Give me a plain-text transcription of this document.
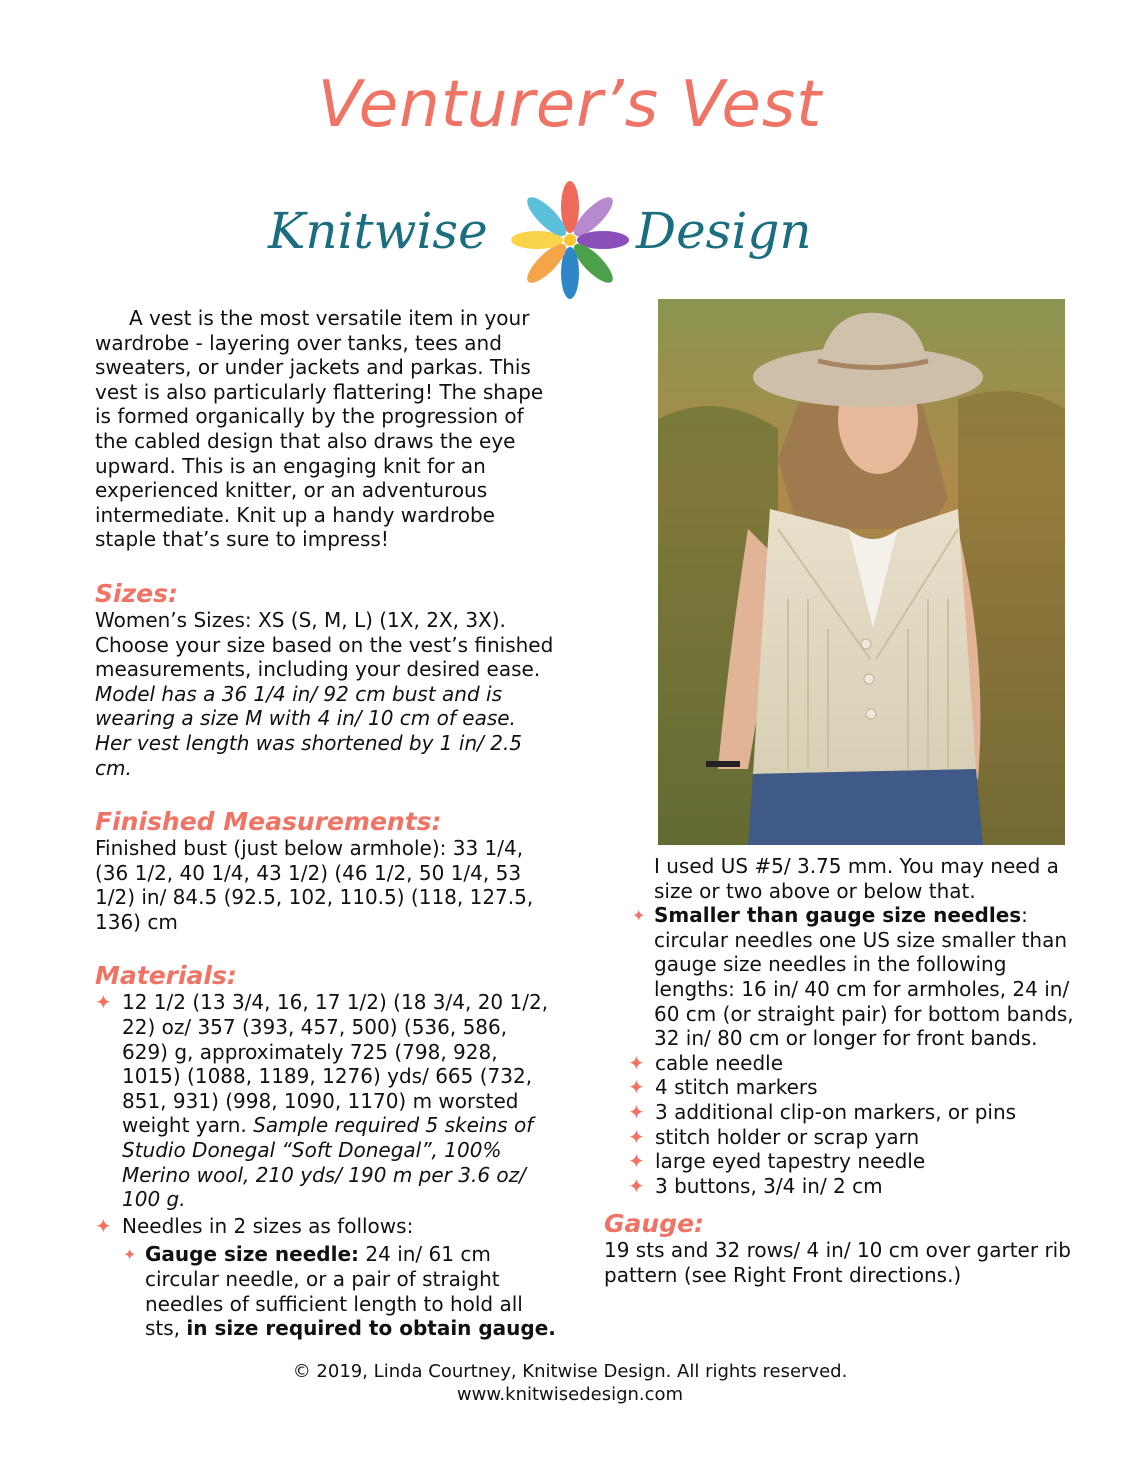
Venturer’s Vest
Knitwise	Design

A vest is the most versatile item in your wardrobe - layering over tanks, tees and sweaters, or under jackets and parkas. This vest is also particularly flattering! The shape is formed organically by the progression of the cabled design that also draws the eye upward. This is an engaging knit for an experienced knitter, or an adventurous intermediate. Knit up a handy wardrobe staple that’s sure to impress!

Sizes:

Women’s Sizes: XS (S, M, L) (1X, 2X, 3X). Choose your size based on the vest’s finished measurements, including your desired ease. Model has a 36 1/4 in/ 92 cm bust and is wearing a size M with 4 in/ 10 cm of ease. Her vest length was shortened by 1 in/ 2.5 cm.

Finished Measurements:

Finished bust (just below armhole): 33 1/4, (36 1/2, 40 1/4, 43 1/2) (46 1/2, 50 1/4, 53 1/2) in/ 84.5 (92.5, 102, 110.5) (118, 127.5, 136) cm

Materials:

✦ 12 1/2 (13 3/4, 16, 17 1/2) (18 3/4, 20 1/2, 22) oz/ 357 (393, 457, 500) (536, 586, 629) g, approximately 725 (798, 928, 1015) (1088, 1189, 1276) yds/ 665 (732, 851, 931) (998, 1090, 1170) m worsted weight yarn. Sample required 5 skeins of Studio Donegal “Soft Donegal”, 100% Merino wool, 210 yds/ 190 m per 3.6 oz/ 100 g.
✦ Needles in 2 sizes as follows:
✦ Gauge size needle: 24 in/ 61 cm circular needle, or a pair of straight needles of sufficient length to hold all sts, in size required to obtain gauge.

I used US #5/ 3.75 mm. You may need a size or two above or below that.

✦ Smaller than gauge size needles: circular needles one US size smaller than gauge size needles in the following lengths: 16 in/ 40 cm for armholes, 24 in/ 60 cm (or straight pair) for bottom bands, 32 in/ 80 cm or longer for front bands.
✦ cable needle
✦ 4 stitch markers
✦ 3 additional clip-on markers, or pins
✦ stitch holder or scrap yarn
✦ large eyed tapestry needle
✦ 3 buttons, 3/4 in/ 2 cm

Gauge:

19 sts and 32 rows/ 4 in/ 10 cm over garter rib pattern (see Right Front directions.)

© 2019, Linda Courtney, Knitwise Design. All rights reserved.
www.knitwisedesign.com
